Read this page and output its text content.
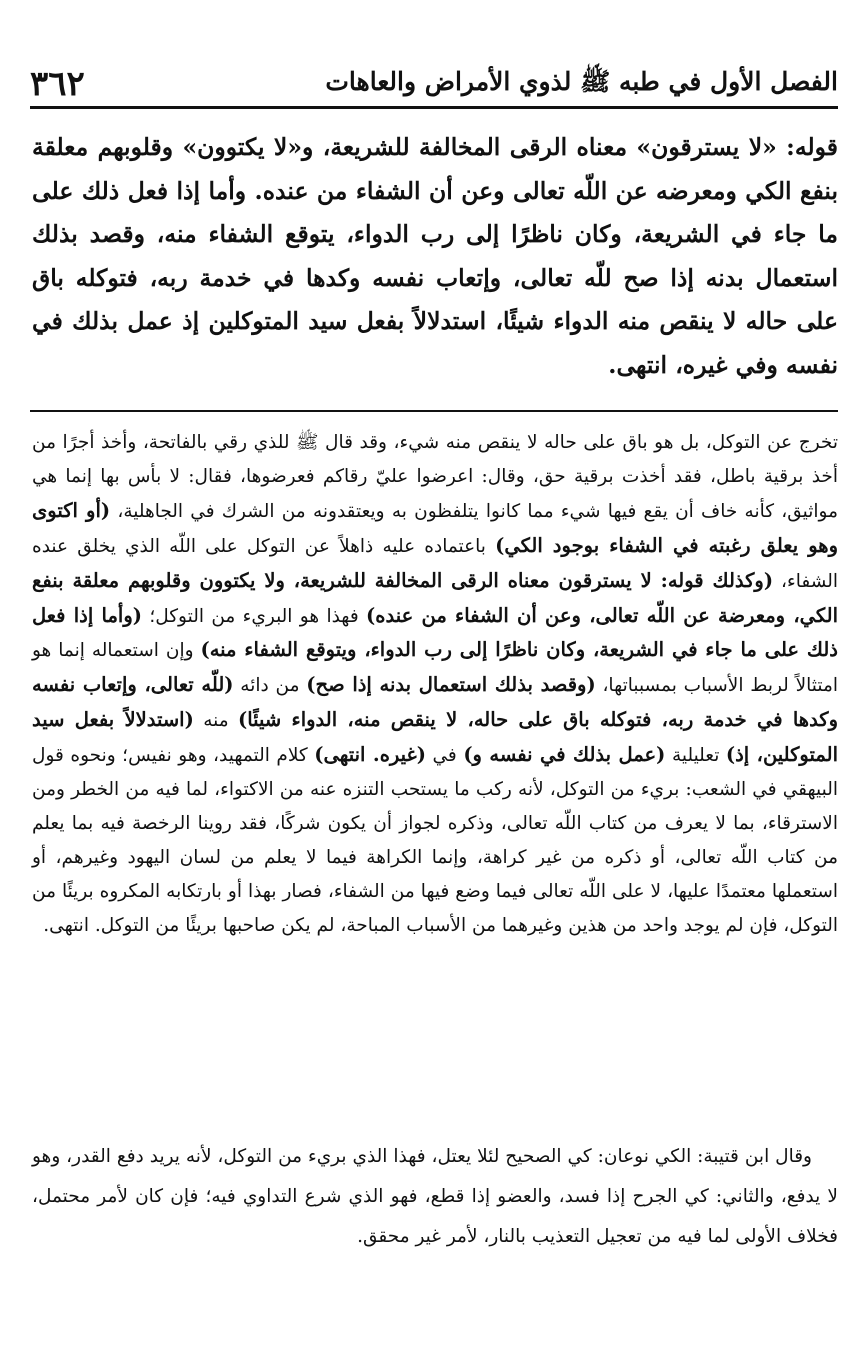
الفصل الأول في طبه ﷺ لذوي الأمراض والعاهات
٣٦٢

قوله: «لا يسترقون» معناه الرقى المخالفة للشريعة، و«لا يكتوون» وقلوبهم معلقة بنفع الكي ومعرضه عن اللّه تعالى وعن أن الشفاء من عنده. وأما إذا فعل ذلك على ما جاء في الشريعة، وكان ناظرًا إلى رب الدواء، يتوقع الشفاء منه، وقصد بذلك استعمال بدنه إذا صح للّه تعالى، وإتعاب نفسه وكدها في خدمة ربه، فتوكله باق على حاله لا ينقص منه الدواء شيئًا، استدلالاً بفعل سيد المتوكلين إذ عمل بذلك في نفسه وفي غيره، انتهى.

تخرج عن التوكل، بل هو باق على حاله لا ينقص منه شيء، وقد قال ﷺ للذي رقي بالفاتحة، وأخذ أجرًا من أخذ برقية باطل، فقد أخذت برقية حق، وقال: اعرضوا عليّ رقاكم فعرضوها، فقال: لا بأس بها إنما هي مواثيق، كأنه خاف أن يقع فيها شيء مما كانوا يتلفظون به ويعتقدونه من الشرك في الجاهلية، (أو اكتوى وهو يعلق رغبته في الشفاء بوجود الكي) باعتماده عليه ذاهلاً عن التوكل على اللّه الذي يخلق عنده الشفاء، (وكذلك قوله: لا يسترقون معناه الرقى المخالفة للشريعة، ولا يكتوون وقلوبهم معلقة بنفع الكي، ومعرضة عن اللّه تعالى، وعن أن الشفاء من عنده) فهذا هو البريء من التوكل؛ (وأما إذا فعل ذلك على ما جاء في الشريعة، وكان ناظرًا إلى رب الدواء، ويتوقع الشفاء منه) وإن استعماله إنما هو امتثالاً لربط الأسباب بمسبباتها، (وقصد بذلك استعمال بدنه إذا صح) من دائه (للّه تعالى، وإتعاب نفسه وكدها في خدمة ربه، فتوكله باق على حاله، لا ينقص منه، الدواء شيئًا) منه (استدلالاً بفعل سيد المتوكلين، إذ) تعليلية (عمل بذلك في نفسه و) في (غيره. انتهى) كلام التمهيد، وهو نفيس؛ ونحوه قول البيهقي في الشعب: بريء من التوكل، لأنه ركب ما يستحب التنزه عنه من الاكتواء، لما فيه من الخطر ومن الاسترقاء، بما لا يعرف من كتاب اللّه تعالى، وذكره لجواز أن يكون شركًا، فقد روينا الرخصة فيه بما يعلم من كتاب اللّه تعالى، أو ذكره من غير كراهة، وإنما الكراهة فيما لا يعلم من لسان اليهود وغيرهم، أو استعملها معتمدًا عليها، لا على اللّه تعالى فيما وضع فيها من الشفاء، فصار بهذا أو بارتكابه المكروه بريئًا من التوكل، فإن لم يوجد واحد من هذين وغيرهما من الأسباب المباحة، لم يكن صاحبها بريئًا من التوكل. انتهى.

وقال ابن قتيبة: الكي نوعان: كي الصحيح لئلا يعتل، فهذا الذي بريء من التوكل، لأنه يريد دفع القدر، وهو لا يدفع، والثاني: كي الجرح إذا فسد، والعضو إذا قطع، فهو الذي شرع التداوي فيه؛ فإن كان لأمر محتمل، فخلاف الأولى لما فيه من تعجيل التعذيب بالنار، لأمر غير محقق.
